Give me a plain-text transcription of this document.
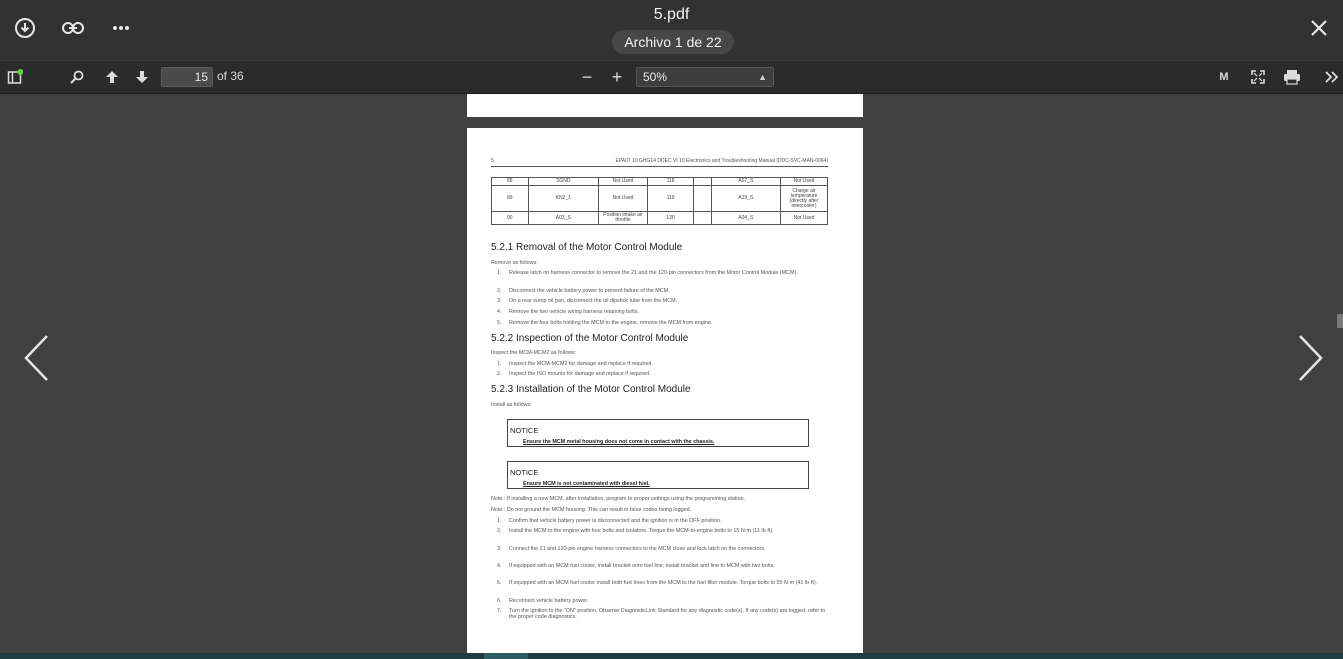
5.pdf
Archivo 1 de 22
15
of 36	− +	50%	▲	M
5	EPA07 10 GHG14 DDEC VI 10 Electronics and Troubleshooting Manual (DDC-SVC-MAN-0064)
88	SGND	Not Used	118		A07_S	Not Used
89	KN2_1	Not Used	119		A19_S	Charge air temperature (directly after intercooler)
90	A03_S	Position intake air throttle	120		A04_S	Not Used
5.2.1 Removal of the Motor Control Module
Remove as follows:
1.	Release latch on harness connector to remove the 21 and the 120-pin connectors from the Motor Control Module (MCM).
2.	Disconnect the vehicle battery power to prevent failure of the MCM.
3.	On a rear sump oil pan, disconnect the oil dipstick tube from the MCM.
4.	Remove the two vehicle wiring harness retaining bolts.
5.	Remove the four bolts holding the MCM to the engine, remove the MCM from engine.
5.2.2 Inspection of the Motor Control Module
Inspect the MCM-MCM2 as follows:
1.	Inspect the MCM-MCM2 for damage and replace if required.
2.	Inspect the ISO mounts for damage and replace if required.
5.2.3 Installation of the Motor Control Module
Install as follows:
NOTICE
Ensure the MCM metal housing does not come in contact with the chassis.
NOTICE
Ensure MCM is not contaminated with diesel fuel.
Note : If installing a new MCM, after installation, program to proper settings using the programming station.
Note : Do not ground the MCM housing. This can result in false codes being logged.
1.	Confirm that vehicle battery power is disconnected and the ignition is in the OFF position.
2.	Install the MCM to the engine with four bolts and isolators. Torque the MCM-to-engine bolts to 15 N·m (11 lb·ft).
3.	Connect the 21 and 120-pin engine harness connectors to the MCM close and lock latch on the connectors.
4.	If equipped with an MCM fuel cooler, install bracket onto fuel line; install bracket and line to MCM with two bolts.
5.	If equipped with an MCM fuel cooler install both fuel lines from the MCM to the fuel filter module. Torque bolts to 55 N·m (41 lb·ft).
6.	Reconnect vehicle battery power.
7.	Turn the ignition to the "ON" position. Observe DiagnosticLink Standard for any diagnostic code(s). If any code(s) are logged, refer to the proper code diagnostics.
